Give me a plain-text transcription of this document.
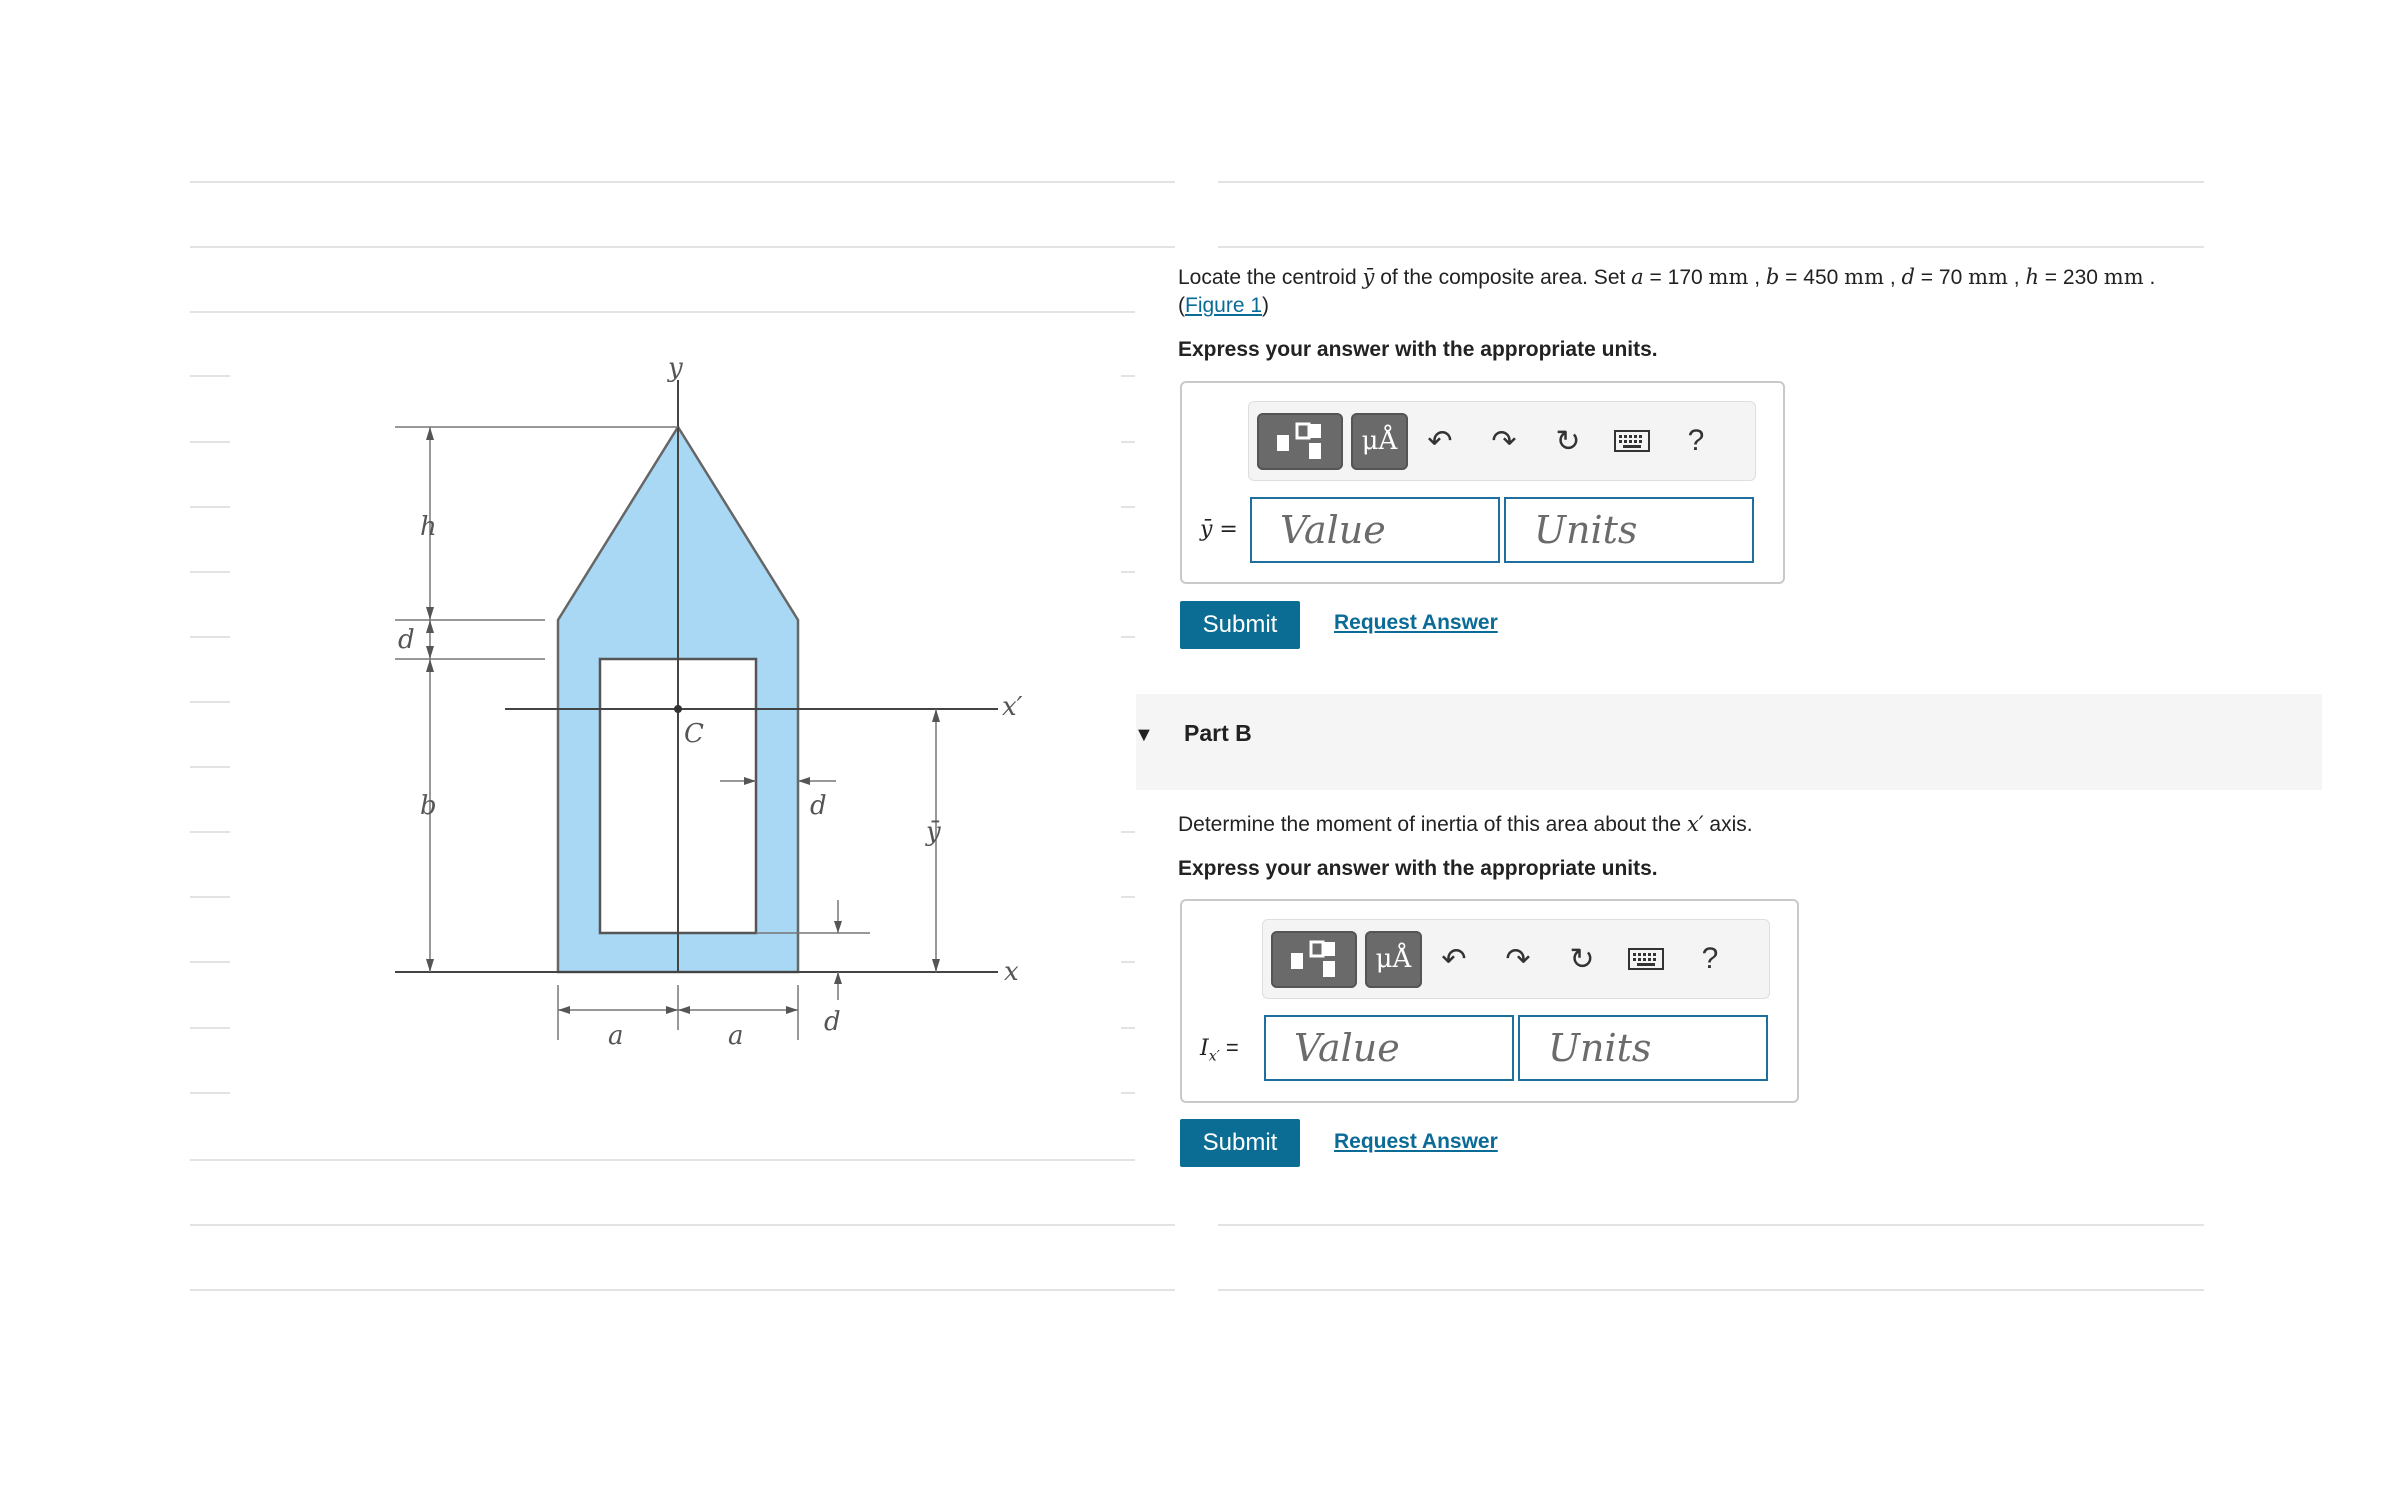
y
x′
x
C
h
d
b	d
ȳ
d
a	a
Locate the centroid ȳ of the composite area. Set a = 170 mm , b = 450 mm , d = 70 mm , h = 230 mm .
(Figure 1)
Express your answer with the appropriate units.
μÅ	↶	↷	↻	?
ȳ =
Value
Units
Submit	Request Answer
▼ Part B
Determine the moment of inertia of this area about the x′ axis.
Express your answer with the appropriate units.
μÅ	↶	↷	↻	?
$I_{x'}$ =
Value
Units
Submit	Request Answer
